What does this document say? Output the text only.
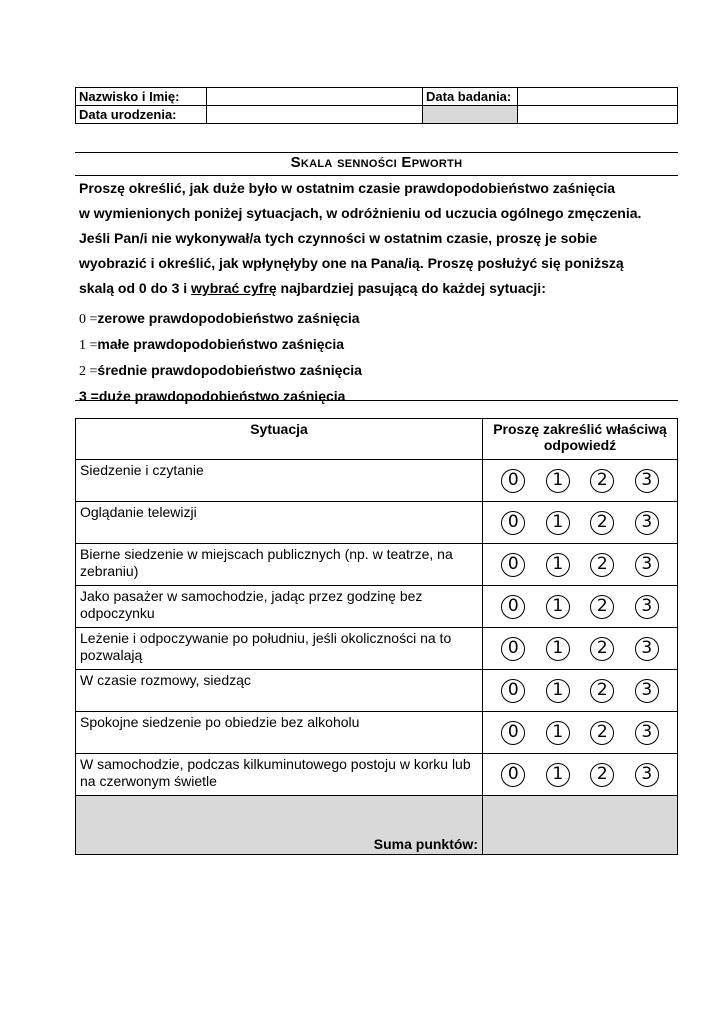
Nazwisko i Imię:		Data badania:	
Data urodzenia:			
Skala senności Epworth
Proszę określić, jak duże było w ostatnim czasie prawdopodobieństwo zaśnięcia
w wymienionych poniżej sytuacjach, w odróżnieniu od uczucia ogólnego zmęczenia.
Jeśli Pan/i nie wykonywał/a tych czynności w ostatnim czasie, proszę je sobie
wyobrazić i określić, jak wpłynęłyby one na Pana/ią. Proszę posłużyć się poniższą
skalą od 0 do 3 i wybrać cyfrę najbardziej pasującą do każdej sytuacji:
0 =zerowe prawdopodobieństwo zaśnięcia
1 =małe prawdopodobieństwo zaśnięcia
2 =średnie prawdopodobieństwo zaśnięcia
3 =duże prawdopodobieństwo zaśnięcia
Sytuacja	Proszę zakreślić właściwą odpowiedź
Siedzenie i czytanie	0 1 2 3

Oglądanie telewizji	0 1 2 3

Bierne siedzenie w miejscach publicznych (np. w teatrze, na zebraniu)	0 1 2 3

Jako pasażer w samochodzie, jadąc przez godzinę bez odpoczynku	0 1 2 3

Leżenie i odpoczywanie po południu, jeśli okoliczności na to pozwalają	0 1 2 3

W czasie rozmowy, siedząc	0 1 2 3

Spokojne siedzenie po obiedzie bez alkoholu	0 1 2 3

W samochodzie, podczas kilkuminutowego postoju w korku lub na czerwonym świetle	0 1 2 3

Suma punktów:	
